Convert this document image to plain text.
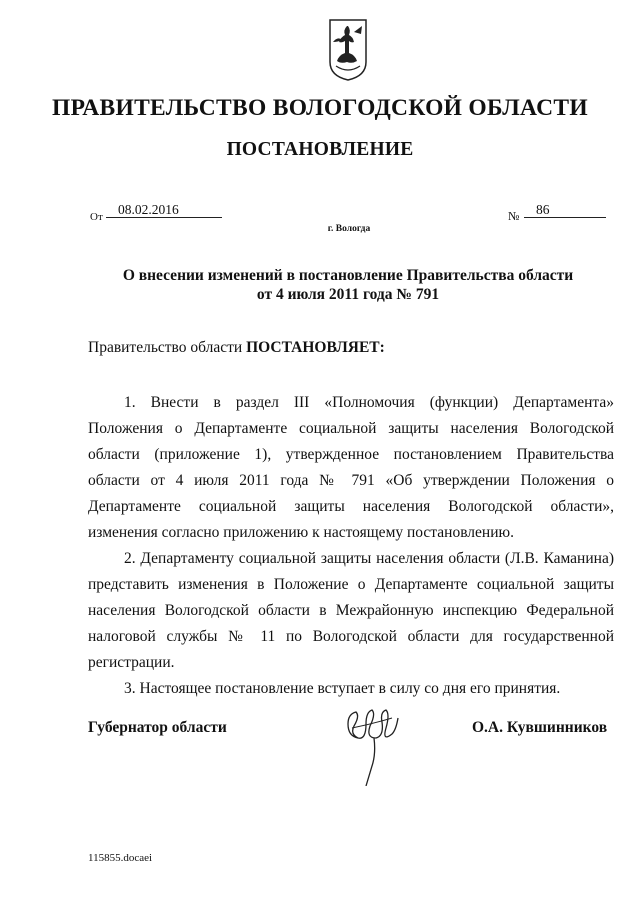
ПРАВИТЕЛЬСТВО ВОЛОГОДСКОЙ ОБЛАСТИ
ПОСТАНОВЛЕНИЕ
От 08.02.2016	№ 86
г. Вологда
О внесении изменений в постановление Правительства области
от 4 июля 2011 года № 791
Правительство области ПОСТАНОВЛЯЕТ:

1. Внести в раздел III «Полномочия (функции) Департамента» Положения о Департаменте социальной защиты населения Вологодской области (приложение 1), утвержденное постановлением Правительства области от 4 июля 2011 года № 791 «Об утверждении Положения о Департаменте социальной защиты населения Вологодской области», изменения согласно приложению к настоящему постановлению.

2. Департаменту социальной защиты населения области (Л.В. Каманина) представить изменения в Положение о Департаменте социальной защиты населения Вологодской области в Межрайонную инспекцию Федеральной налоговой службы № 11 по Вологодской области для государственной регистрации.

3. Настоящее постановление вступает в силу со дня его принятия.

Губернатор области	О.А. Кувшинников
115855.docaei
